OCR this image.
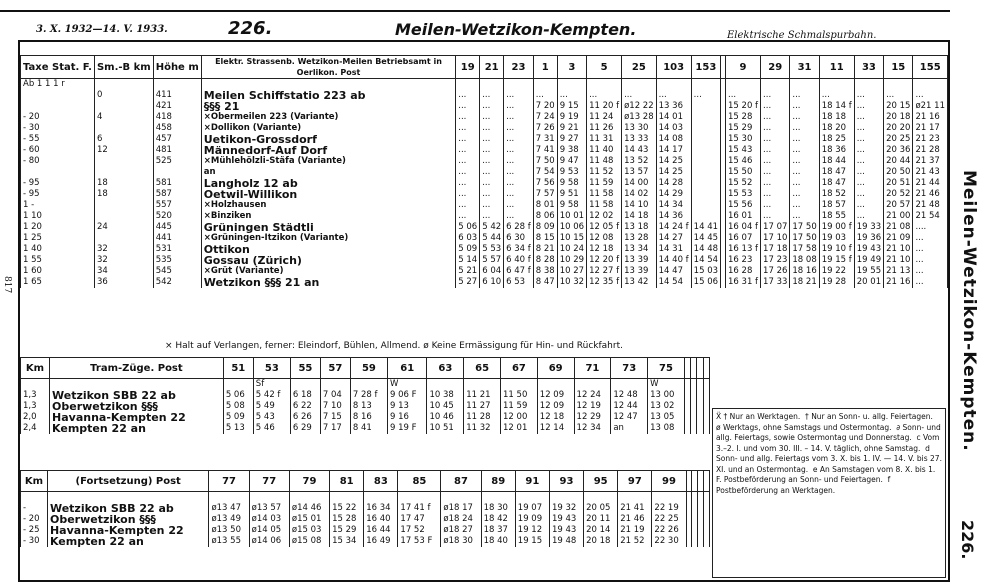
3. X. 1932—14. V. 1933.	226.	Meilen-Wetzikon-Kempten.	Elektrische Schmalspurbahn.
Meilen-Wetzikon-Kempten.
226.
817
Taxe Stat. F.	Sm.-B km	Höhe m	Elektr. Strassenb. Wetzikon-Meilen Betriebsamt in Oerlikon. Post	19	21	23	1	3	5	25	103	153		9	29	31	11	33	15	155
Ab 1 1 1 r																				
	0	411	Meilen Schiffstatio 223 ab	...	...	...	...	...	...	...	...	...		...	...	...	...	...	...	...
		421	§§§ 21	...	...	...	7 20	9 15	11 20 f	ø12 22	13 36			15 20 f	...	...	18 14 f	...	20 15	ø21 11
- 20	4	418	×Obermeilen 223 (Variante)	...	...	...	7 24	9 19	11 24	ø13 28	14 01			15 28	...	...	18 18	...	20 18	21 16
- 30		458	×Dollikon (Variante)	...	...	...	7 26	9 21	11 26	13 30	14 03			15 29	...	...	18 20	...	20 20	21 17
- 55	6	457	Uetikon-Grossdorf	...	...	...	7 31	9 27	11 31	13 33	14 08			15 30	...	...	18 25	...	20 25	21 23
- 60	12	481	Männedorf-Auf Dorf	...	...	...	7 41	9 38	11 40	14 43	14 17			15 43	...	...	18 36	...	20 36	21 28
- 80		525	×Mühlehölzli-Stäfa (Variante)	...	...	...	7 50	9 47	11 48	13 52	14 25			15 46	...	...	18 44	...	20 44	21 37
			an	...	...	...	7 54	9 53	11 52	13 57	14 25			15 50	...	...	18 47	...	20 50	21 43
- 95	18	581	Langholz 12 ab	...	...	...	7 56	9 58	11 59	14 00	14 28			15 52	...	...	18 47	...	20 51	21 44
- 95	18	587	Oetwil-Willikon	...	...	...	7 57	9 51	11 58	14 02	14 29			15 53	...	...	18 52	...	20 52	21 46
1 -		557	×Holzhausen	...	...	...	8 01	9 58	11 58	14 10	14 34			15 56	...	...	18 57	...	20 57	21 48
1 10		520	×Binziken	...	...	...	8 06	10 01	12 02	14 18	14 36			16 01	...	...	18 55	...	21 00	21 54
1 20	24	445	Grüningen Städtli	5 06	5 42	6 28 f	8 09	10 06	12 05 f	13 18	14 24 f	14 41		16 04 f	17 07	17 50	19 00 f	19 33	21 08	....
1 25		441	×Grüningen-Itzikon (Variante)	6 03	5 44	6 30	8 15	10 15	12 08	13 28	14 27	14 45		16 07	17 10	17 50	19 03	19 36	21 09	...
1 40	32	531	Ottikon	5 09	5 53	6 34 f	8 21	10 24	12 18	13 34	14 31	14 48		16 13 f	17 18	17 58	19 10 f	19 43	21 10	...
1 55	32	535	Gossau (Zürich)	5 14	5 57	6 40 f	8 28	10 29	12 20 f	13 39	14 40 f	14 54		16 23	17 23	18 08	19 15 f	19 49	21 10	...
1 60	34	545	×Grüt (Variante)	5 21	6 04	6 47 f	8 38	10 27	12 27 f	13 39	14 47	15 03		16 28	17 26	18 16	19 22	19 55	21 13	...
1 65	36	542	Wetzikon §§§ 21 an	5 27	6 10	6 53	8 47	10 32	12 35 f	13 42	14 54	15 06		16 31 f	17 33	18 21	19 28	20 01	21 16	...
× Halt auf Verlangen, ferner: Eleindorf, Bühlen, Allmend. ø Keine Ermässigung für Hin- und Rückfahrt.
Km	Tram-Züge. Post	51	53	55	57	59	61	63	65	67	69	71	73	75				
			Sf				W							W				
1,3	Wetzikon SBB 22 ab	5 06	5 42 f	6 18	7 04	7 28 f	9 06 F	10 38	11 21	11 50	12 09	12 24	12 48	13 00				
1,3	Oberwetzikon §§§	5 08	5 49	6 22	7 10	8 13	9 13	10 45	11 27	11 59	12 09	12 19	12 44	13 02				
2,0	Havanna-Kempten 22	5 09	5 43	6 26	7 15	8 16	9 16	10 46	11 28	12 00	12 18	12 29	12 47	13 05				
2,4	Kempten 22 an	5 13	5 46	6 29	7 17	8 41	9 19 F	10 51	11 32	12 01	12 14	12 34	an	13 08				
Km	(Fortsetzung) Post	77	77	79	81	83	85	87	89	91	93	95	97	99				

-	Wetzikon SBB 22 ab	ø13 47	ø13 57	ø14 46	15 22	16 34	17 41 f	ø18 17	18 30	19 07	19 32	20 05	21 41	22 19				
- 20	Oberwetzikon §§§	ø13 49	ø14 03	ø15 01	15 28	16 40	17 47	ø18 24	18 42	19 09	19 43	20 11	21 46	22 25				
- 25	Havanna-Kempten 22	ø13 50	ø14 05	ø15 03	15 29	16 44	17 52	ø18 27	18 37	19 12	19 43	20 14	21 19	22 26				
- 30	Kempten 22 an	ø13 55	ø14 06	ø15 08	15 34	16 49	17 53 F	ø18 30	18 40	19 15	19 48	20 18	21 52	22 30				
Ẍ † Nur an Werktagen.  † Nur an Sonn- u. allg. Feiertagen.  ø Werktags, ohne Samstags und Ostermontag.  ∂ Sonn- und allg. Feiertags, sowie Ostermontag und Donnerstag.  c Vom 3.–2. I. und vom 30. III. – 14. V. täglich, ohne Samstag.  d Sonn- und allg. Feiertags vom 3. X. bis 1. IV. — 14. V. bis 27. XI. und an Ostermontag.  e An Samstagen vom 8. X. bis 1. F. Postbeförderung an Sonn- und Feiertagen.  f Postbeförderung an Werktagen.
